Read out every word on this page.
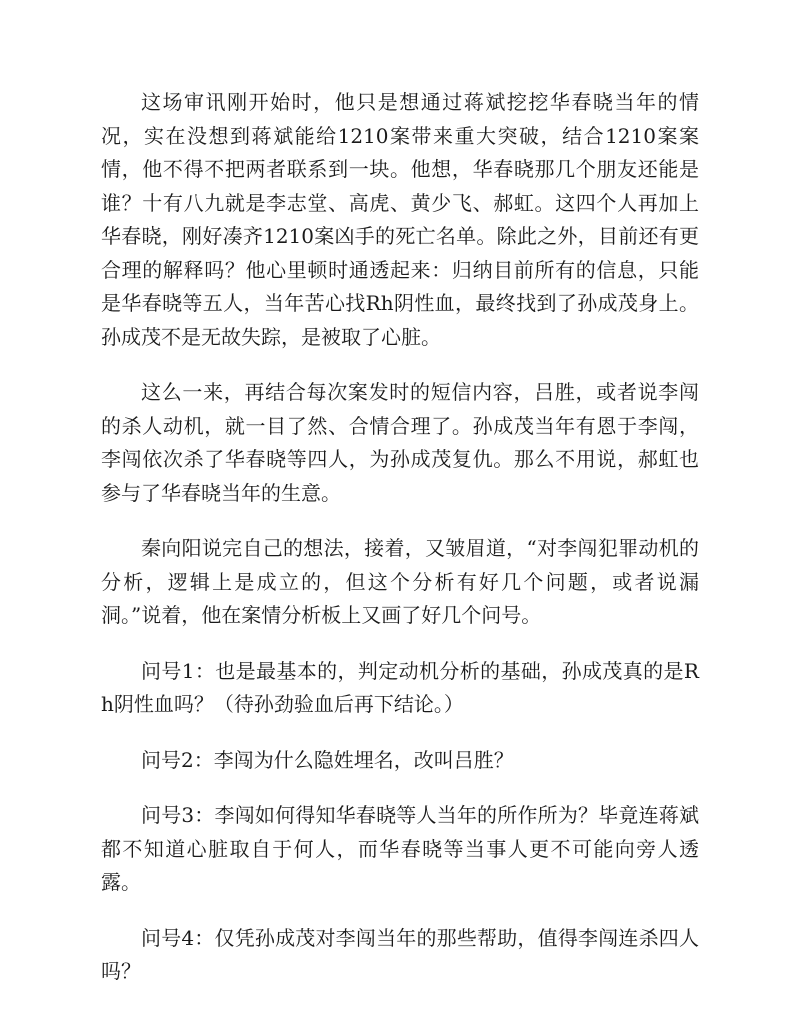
这场审讯刚开始时，他只是想通过蒋斌挖挖华春晓当年的情况，实在没想到蒋斌能给1210案带来重大突破，结合1210案案情，他不得不把两者联系到一块。他想，华春晓那几个朋友还能是谁？十有八九就是李志堂、高虎、黄少飞、郝虹。这四个人再加上华春晓，刚好凑齐1210案凶手的死亡名单。除此之外，目前还有更合理的解释吗？他心里顿时通透起来：归纳目前所有的信息，只能是华春晓等五人，当年苦心找Rh阴性血，最终找到了孙成茂身上。孙成茂不是无故失踪，是被取了心脏。

这么一来，再结合每次案发时的短信内容，吕胜，或者说李闯的杀人动机，就一目了然、合情合理了。孙成茂当年有恩于李闯，李闯依次杀了华春晓等四人，为孙成茂复仇。那么不用说，郝虹也参与了华春晓当年的生意。

秦向阳说完自己的想法，接着，又皱眉道，“对李闯犯罪动机的分析，逻辑上是成立的，但这个分析有好几个问题，或者说漏洞。”说着，他在案情分析板上又画了好几个问号。

问号1：也是最基本的，判定动机分析的基础，孙成茂真的是Rh阴性血吗？（待孙劲验血后再下结论。）

问号2：李闯为什么隐姓埋名，改叫吕胜？

问号3：李闯如何得知华春晓等人当年的所作所为？毕竟连蒋斌都不知道心脏取自于何人，而华春晓等当事人更不可能向旁人透露。

问号4：仅凭孙成茂对李闯当年的那些帮助，值得李闯连杀四人吗？
